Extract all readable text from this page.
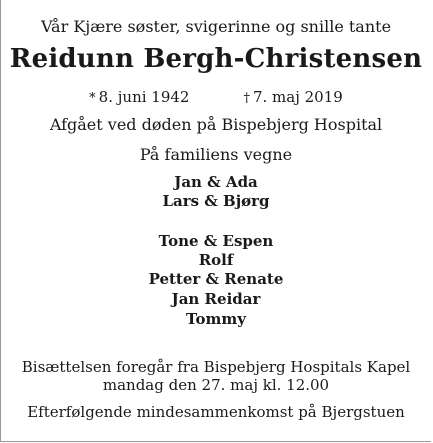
Vår Kjære søster, svigerinne og snille tante
Reidunn Bergh-Christensen
* 8. juni 1942	† 7. maj 2019
Afgået ved døden på Bispebjerg Hospital
På familiens vegne
Jan & Ada
Lars & Bjørg
Tone & Espen
Rolf
Petter & Renate
Jan Reidar
Tommy
Bisættelsen foregår fra Bispebjerg Hospitals Kapel
mandag den 27. maj kl. 12.00
Efterfølgende mindesammenkomst på Bjergstuen
